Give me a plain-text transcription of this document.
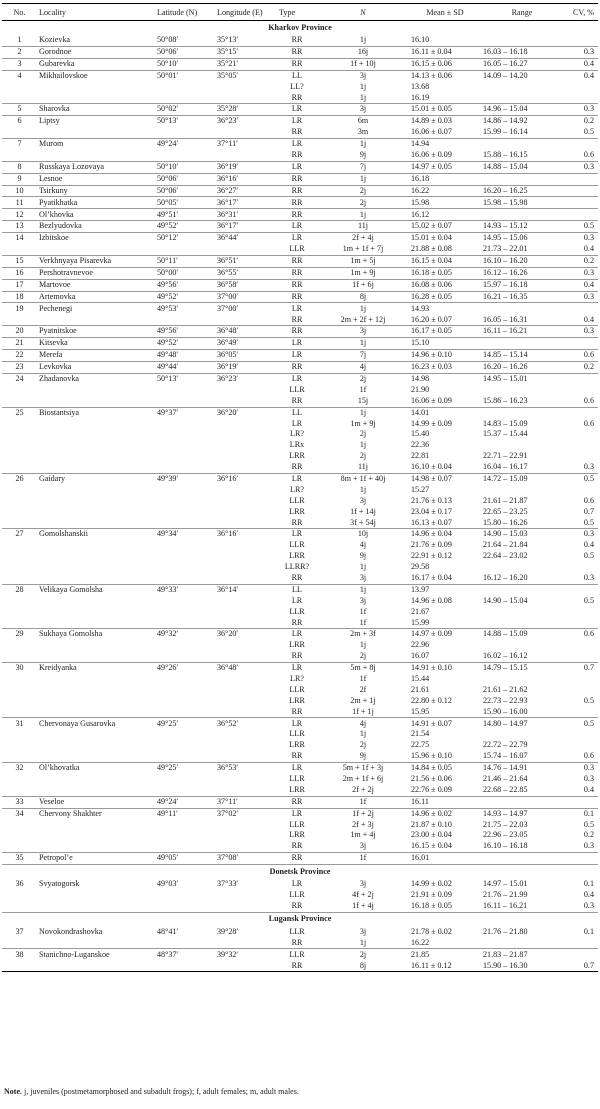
No.	Locality	Latitude (N)	Longitude (E)	Type	N	Mean ± SD	Range	CV, %
Kharkov Province								
1	Kozievka	50°08′	35°13′	RR	1j	16.10		
2	Gorodnoe	50°06′	35°15′	RR	16j	16.11 ± 0.04	16.03 – 16.18	0.3
3	Gubarevka	50°10′	35°21′	RR	1f + 10j	16.15 ± 0.06	16.05 – 16.27	0.4
4	Mikhailovskoe	50°01′	35°05′	LL	3j	14.13 ± 0.06	14.09 – 14.20	0.4
				LL?	1j	13.68		
				RR	1j	16.19		
5	Sharovka	50°02′	35°28′	LR	3j	15.01 ± 0.05	14.96 – 15.04	0.3
6	Liptsy	50°13′	36°23′	LR	6m	14.89 ± 0.03	14.86 – 14.92	0.2
				RR	3m	16.06 ± 0.07	15.99 – 16.14	0.5
7	Murom	49°24′	37°11′	LR	1j	14.94		
				RR	9j	16.06 ± 0.09	15.88 – 16.15	0.6
8	Russkaya Lozovaya	50°10′	36°19′	LR	7j	14.97 ± 0.05	14.88 – 15.04	0.3
9	Lesnoe	50°06′	36°16′	RR	1j	16.18		
10	Tsirkuny	50°06′	36°27′	RR	2j	16.22	16.20 – 16.25	
11	Pyatikhatka	50°05′	36°17′	RR	2j	15.98	15.98 – 15.98	
12	Ol’khovka	49°51′	36°31′	RR	1j	16.12		
13	Bezlyudovka	49°52′	36°17′	LR	11j	15.02 ± 0.07	14.93 – 15.12	0.5
14	Izbitskoe	50°12′	36°44′	LR	2f + 4j	15.01 ± 0.04	14.95 – 15.06	0.3
				LLR	1m + 1f + 7j	21.88 ± 0.08	21.73 – 22.01	0.4
15	Verkhnyaya Pisarevka	50°11′	36°51′	RR	1m + 5j	16.15 ± 0.04	16.10 – 16.20	0.2
16	Pershotravnevoe	50°00′	36°55′	RR	1m + 9j	16.18 ± 0.05	16.12 – 16.26	0.3
17	Martovoe	49°56′	36°58′	RR	1f + 6j	16.08 ± 0.06	15.97 – 16.18	0.4
18	Artemovka	49°52′	37°00′	RR	8j	16.28 ± 0.05	16.21 – 16.35	0.3
19	Pechenegi	49°53′	37°00′	LR	1j	14.93		
				RR	2m + 2f + 12j	16.20 ± 0.07	16.05 – 16.31	0.4
20	Pyatnitskoe	49°56′	36°48′	RR	3j	16.17 ± 0.05	16.11 – 16.21	0.3
21	Kitsevka	49°52′	36°49′	LR	1j	15.10		
22	Merefa	49°48′	36°05′	LR	7j	14.96 ± 0.10	14.85 – 15.14	0.6
23	Levkovka	49°44′	36°19′	RR	4j	16.23 ± 0.03	16.20 – 16.26	0.2
24	Zhadanovka	50°13′	36°23′	LR	2j	14.98	14.95 – 15.01	
				LLR	1f	21.90		
				RR	15j	16.06 ± 0.09	15.86 – 16.23	0.6
25	Biostantsiya	49°37′	36°20′	LL	1j	14.01		
				LR	1m + 9j	14.99 ± 0.09	14.83 – 15.09	0.6
				LR?	2j	15.40	15.37 – 15.44	
				LRx	1j	22.36		
				LRR	2j	22.81	22.71 – 22.91	
				RR	11j	16.10 ± 0.04	16.04 – 16.17	0.3
26	Gaidary	49°39′	36°16′	LR	8m + 1f + 40j	14.98 ± 0.07	14.72 – 15.09	0.5
				LR?	1j	15.27		
				LLR	3j	21.76 ± 0.13	21.61 – 21.87	0.6
				LRR	1f + 14j	23.04 ± 0.17	22.65 – 23.25	0.7
				RR	3f + 54j	16.13 ± 0.07	15.80 – 16.26	0.5
27	Gomolshanskii	49°34′	36°16′	LR	10j	14.96 ± 0.04	14.90 – 15.03	0.3
				LLR	4j	21.76 ± 0.09	21.64 – 21.84	0.4
				LRR	9j	22.91 ± 0.12	22.64 – 23.02	0.5
				LLRR?	1j	29.58		
				RR	3j	16.17 ± 0.04	16.12 – 16.20	0.3
28	Velikaya Gomolsha	49°33′	36°14′	LL	1j	13.97		
				LR	3j	14.96 ± 0.08	14.90 – 15.04	0.5
				LLR	1f	21.67		
				RR	1f	15.99		
29	Sukhaya Gomolsha	49°32′	36°20′	LR	2m + 3f	14.97 ± 0.09	14.88 – 15.09	0.6
				LRR	1j	22.96		
				RR	2j	16.07	16.02 – 16.12	
30	Kreidyanka	49°26′	36°48′	LR	5m + 8j	14.91 ± 0.10	14.79 – 15.15	0.7
				LR?	1f	15.44		
				LLR	2f	21.61	21.61 – 21.62	
				LRR	2m + 1j	22.80 ± 0.12	22.73 – 22.93	0.5
				RR	1f + 1j	15.95	15.90 – 16.00	
31	Chervonaya Gusarovka	49°25′	36°52′	LR	4j	14.91 ± 0.07	14.80 – 14.97	0.5
				LLR	1j	21.54		
				LRR	2j	22.75	22.72 – 22.79	
				RR	9j	15.96 ± 0.10	15.74 – 16.07	0.6
32	Ol’khovatka	49°25′	36°53′	LR	5m + 1f + 3j	14.84 ± 0.05	14.76 – 14.91	0.3
				LLR	2m + 1f + 6j	21.56 ± 0.06	21.46 – 21.64	0.3
				LRR	2f + 2j	22.76 ± 0.09	22.68 – 22.85	0.4
33	Veseloe	49°24′	37°11′	RR	1f	16.11		
34	Chervony Shakhter	49°11′	37°02′	LR	1f + 2j	14.96 ± 0.02	14.93 – 14.97	0.1
				LLR	2f + 3j	21.87 ± 0.10	21.75 – 22.03	0.5
				LRR	1m + 4j	23.00 ± 0.04	22.96 – 23.05	0.2
				RR	3j	16.15 ± 0.04	16.10 – 16.18	0.3
35	Petropol’e	49°05′	37°08′	RR	1f	16.01		
Donetsk Province								
36	Svyatogorsk	49°03′	37°33′	LR	3j	14.99 ± 0.02	14.97 – 15.01	0.1
				LLR	4f + 2j	21.91 ± 0.09	21.76 – 21.99	0.4
				RR	1f + 4j	16.18 ± 0.05	16.11 – 16.21	0.3
Lugansk Province								
37	Novokondrashovka	48°41′	39°28′	LLR	3j	21.78 ± 0.02	21.76 – 21.80	0.1
				RR	1j	16.22		
38	Stanichno-Luganskoe	48°37′	39°32′	LLR	2j	21.85	21.83 – 21.87	
				RR	8j	16.11 ± 0.12	15.90 – 16.30	0.7
Note. j, juveniles (postmetamorphosed and subadult frogs); f, adult females; m, adult males.
